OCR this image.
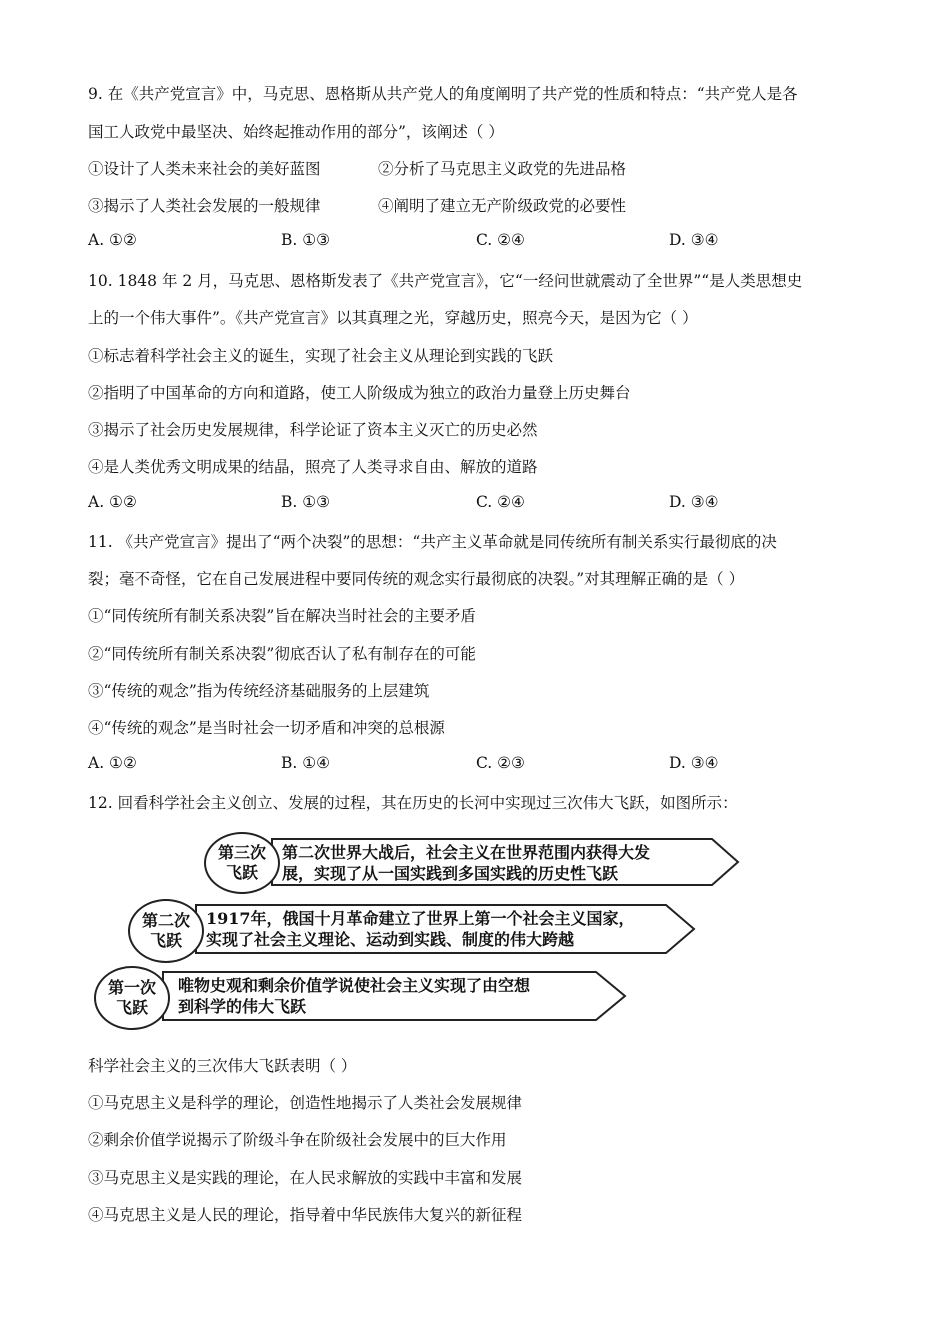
9. 在《共产党宣言》中，马克思、恩格斯从共产党人的角度阐明了共产党的性质和特点：“共产党人是各
国工人政党中最坚决、始终起推动作用的部分”，该阐述（ ）
①设计了人类未来社会的美好蓝图	②分析了马克思主义政党的先进品格
③揭示了人类社会发展的一般规律	④阐明了建立无产阶级政党的必要性
A. ①②	B. ①③	C. ②④	D. ③④
10. 1848 年 2 月，马克思、恩格斯发表了《共产党宣言》，它“一经问世就震动了全世界”“是人类思想史
上的一个伟大事件”。《共产党宣言》以其真理之光，穿越历史，照亮今天，是因为它（ ）
①标志着科学社会主义的诞生，实现了社会主义从理论到实践的飞跃
②指明了中国革命的方向和道路，使工人阶级成为独立的政治力量登上历史舞台
③揭示了社会历史发展规律，科学论证了资本主义灭亡的历史必然
④是人类优秀文明成果的结晶，照亮了人类寻求自由、解放的道路
A. ①②	B. ①③	C. ②④	D. ③④
11. 《共产党宣言》提出了“两个决裂”的思想：“共产主义革命就是同传统所有制关系实行最彻底的决
裂；毫不奇怪，它在自己发展进程中要同传统的观念实行最彻底的决裂。”对其理解正确的是（ ）
①“同传统所有制关系决裂”旨在解决当时社会的主要矛盾
②“同传统所有制关系决裂”彻底否认了私有制存在的可能
③“传统的观念”指为传统经济基础服务的上层建筑
④“传统的观念”是当时社会一切矛盾和冲突的总根源
A. ①②	B. ①④	C. ②③	D. ③④
12. 回看科学社会主义创立、发展的过程，其在历史的长河中实现过三次伟大飞跃，如图所示：
第三次
飞跃
第二次世界大战后，社会主义在世界范围内获得大发
展，实现了从一国实践到多国实践的历史性飞跃
第二次
飞跃
1917年，俄国十月革命建立了世界上第一个社会主义国家，
实现了社会主义理论、运动到实践、制度的伟大跨越
第一次
飞跃
唯物史观和剩余价值学说使社会主义实现了由空想
到科学的伟大飞跃
科学社会主义的三次伟大飞跃表明（ ）
①马克思主义是科学的理论，创造性地揭示了人类社会发展规律
②剩余价值学说揭示了阶级斗争在阶级社会发展中的巨大作用
③马克思主义是实践的理论，在人民求解放的实践中丰富和发展
④马克思主义是人民的理论，指导着中华民族伟大复兴的新征程
